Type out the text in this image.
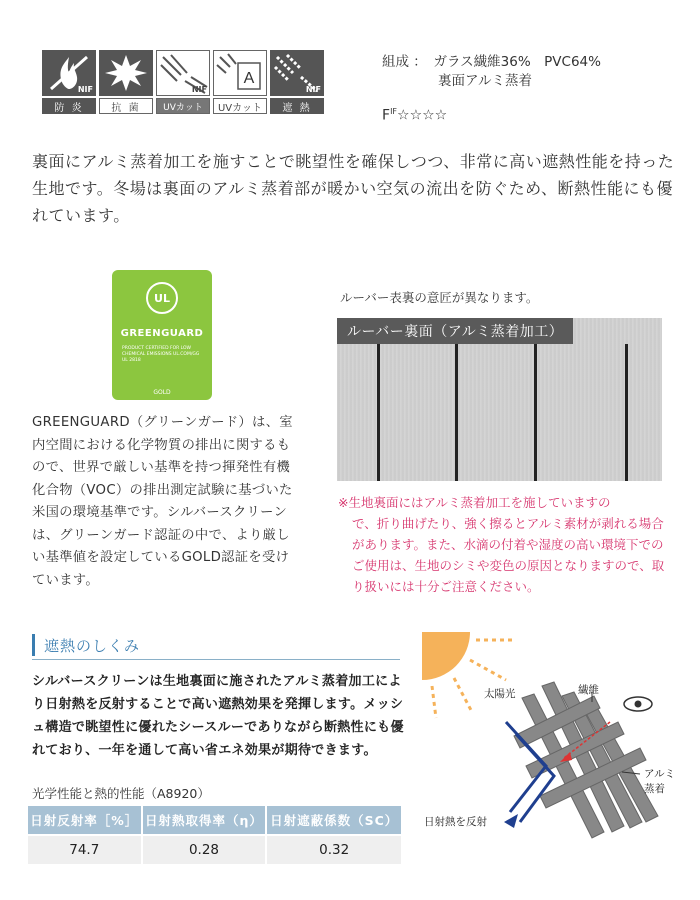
NIF
防 炎	抗 菌
NIF
UVカット
A
UVカット
NIF
遮 熱
組成 ：　 ガラス繊維36%　PVC64%
裏面アルミ蒸着
$F^{IF}☆☆☆☆$

裏面にアルミ蒸着加工を施すことで眺望性を確保しつつ、非常に高い遮熱性能を持った生地です。冬場は裏面のアルミ蒸着部が暖かい空気の流出を防ぐため、断熱性能にも優れています。

UL
GREENGUARD
PRODUCT CERTIFIED FOR LOW CHEMICAL EMISSIONS UL.COM/GG UL 2818
GOLD

GREENGUARD（グリーンガード）は、室内空間における化学物質の排出に関するもので、世界で厳しい基準を持つ揮発性有機化合物（VOC）の排出測定試験に基づいた米国の環境基準です。シルバースクリーンは、グリーンガード認証の中で、より厳しい基準値を設定しているGOLD認証を受けています。

ルーバー表裏の意匠が異なります。
ルーバー裏面（アルミ蒸着加工）
※生地裏面にはアルミ蒸着加工を施していますの
で、折り曲げたり、強く擦るとアルミ素材が剥れる場合があります。また、水滴の付着や湿度の高い環境下でのご使用は、生地のシミや変色の原因となりますので、取り扱いには十分ご注意ください。
遮熱のしくみ

シルバースクリーンは生地裏面に施されたアルミ蒸着加工により日射熱を反射することで高い遮熱効果を発揮します。メッシュ構造で眺望性に優れたシースルーでありながら断熱性にも優れており、一年を通して高い省エネ効果が期待できます。

光学性能と熱的性能（A8920）
日射反射率［%］	日射熱取得率（η）	日射遮蔽係数（SC）
74.7	0.28	0.32
太陽光	繊維
アルミ蒸着
日射熱を反射
